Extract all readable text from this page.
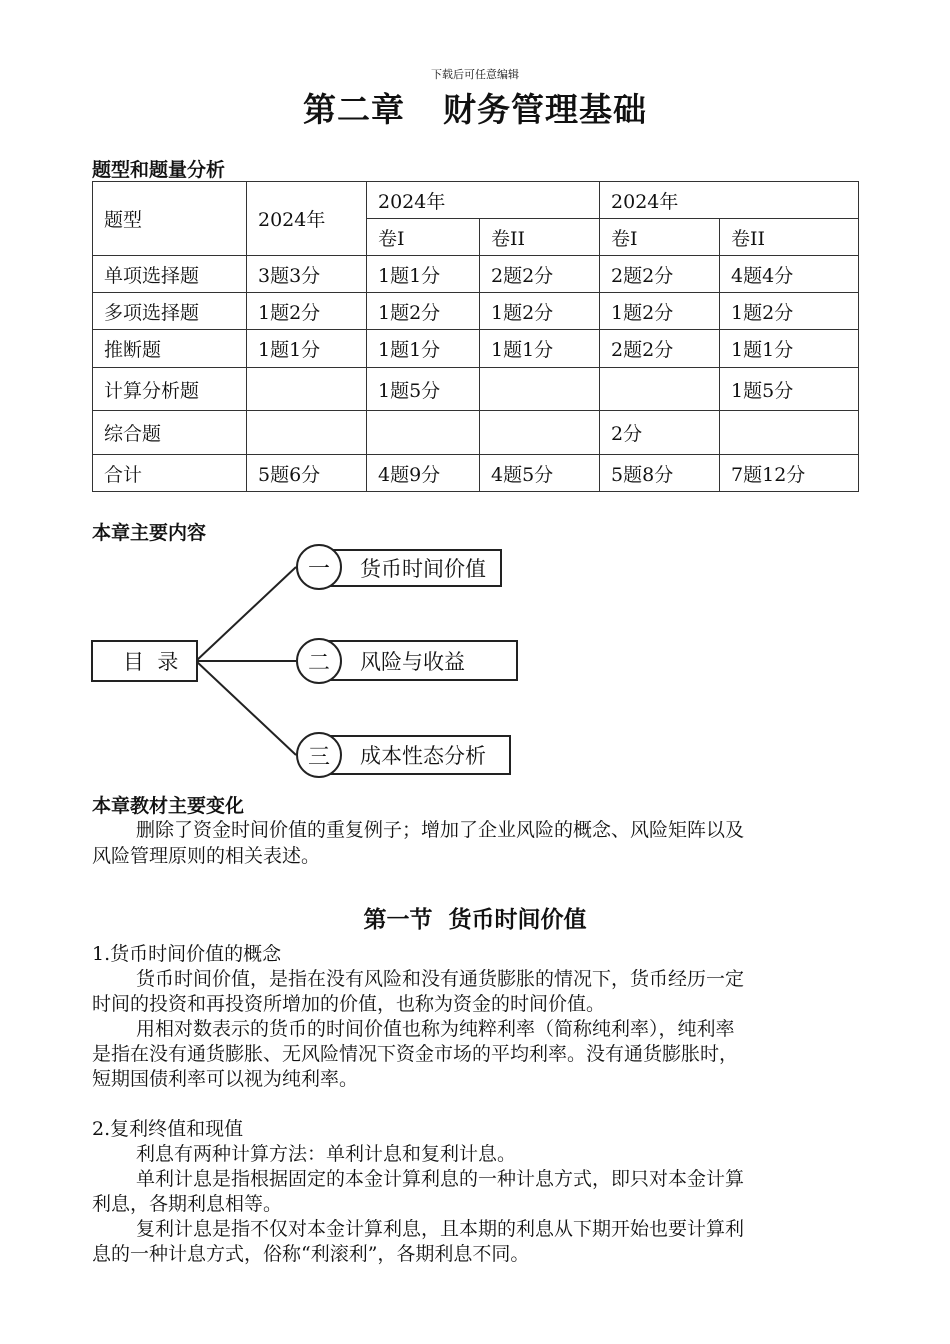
下载后可任意编辑
第二章 财务管理基础
题型和题量分析
题型	2024年	2024年		2024年	
		卷I	卷II	卷I	卷II
单项选择题	3题3分	1题1分	2题2分	2题2分	4题4分
多项选择题	1题2分	1题2分	1题2分	1题2分	1题2分
推断题	1题1分	1题1分	1题1分	2题2分	1题1分
计算分析题		1题5分			1题5分
综合题				2分	
合计	5题6分	4题9分	4题5分	5题8分	7题12分
本章主要内容
目  录
货币时间价值
一
风险与收益
二
成本性态分析
三
本章教材主要变化
删除了资金时间价值的重复例子；增加了企业风险的概念、风险矩阵以及
风险管理原则的相关表述。
第一节  货币时间价值
1.货币时间价值的概念
货币时间价值，是指在没有风险和没有通货膨胀的情况下，货币经历一定
时间的投资和再投资所增加的价值，也称为资金的时间价值。
用相对数表示的货币的时间价值也称为纯粹利率（简称纯利率），纯利率
是指在没有通货膨胀、无风险情况下资金市场的平均利率。没有通货膨胀时，
短期国债利率可以视为纯利率。
2.复利终值和现值
利息有两种计算方法：单利计息和复利计息。
单利计息是指根据固定的本金计算利息的一种计息方式，即只对本金计算
利息，各期利息相等。
复利计息是指不仅对本金计算利息，且本期的利息从下期开始也要计算利
息的一种计息方式，俗称“利滚利”，各期利息不同。
